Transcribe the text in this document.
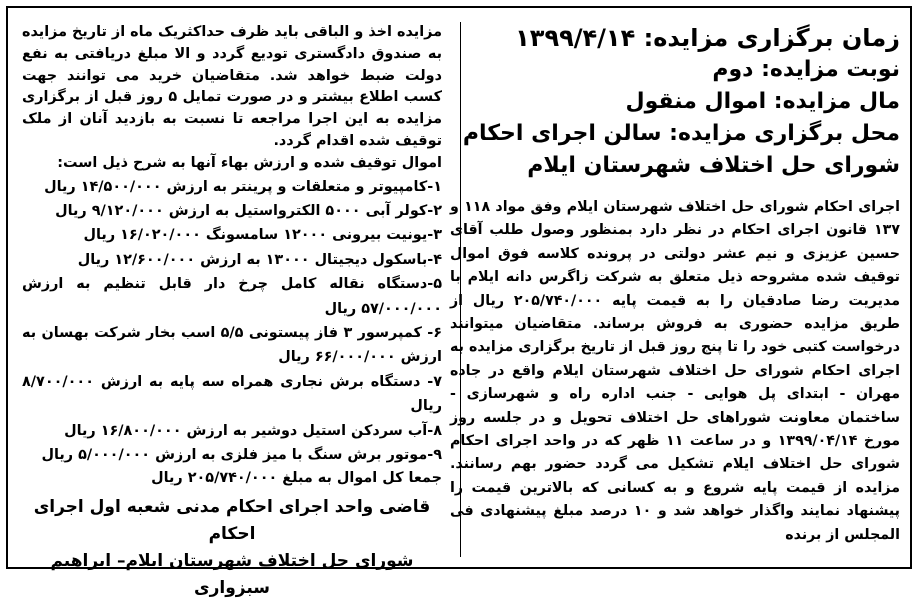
زمان برگزاری مزایده: ۱۳۹۹/۴/۱۴

نوبت مزایده: دوم

مال مزایده: اموال منقول

محل برگزاری مزایده: سالن اجرای احکام

شورای حل اختلاف شهرستان ایلام

اجرای احکام شورای حل اختلاف شهرستان ایلام وفق مواد ۱۱۸ و ۱۳۷ قانون اجرای احکام در نظر دارد بمنظور وصول طلب آقای حسین عزیزی و نیم عشر دولتی در پرونده کلاسه فوق اموال توقیف شده مشروحه ذیل متعلق به شرکت زاگرس دانه ایلام با مدیریت رضا صادقیان را به قیمت پایه ۲۰۵/۷۴۰/۰۰۰ ریال از طریق مزایده حضوری به فروش برساند. متقاضیان میتوانند درخواست کتبی خود را تا پنج روز قبل از تاریخ برگزاری مزایده به اجرای احکام شورای حل اختلاف شهرستان ایلام واقع در جاده مهران - ابتدای پل هوایی - جنب اداره راه و شهرسازی - ساختمان معاونت شوراهای حل اختلاف تحویل و در جلسه روز مورخ ۱۳۹۹/۰۴/۱۴ و در ساعت ۱۱ ظهر که در واحد اجرای احکام شورای حل اختلاف ایلام تشکیل می گردد حضور بهم رسانند. مزایده از قیمت پایه شروع و به کسانی که بالاترین قیمت را پیشنهاد نمایند واگذار خواهد شد و ۱۰ درصد مبلغ پیشنهادی فی المجلس از برنده

مزایده اخذ و الباقی باید ظرف حداکثریک ماه از تاریخ مزایده به صندوق دادگستری تودیع گردد و الا مبلغ دریافتی به نفع دولت ضبط خواهد شد. متقاضیان خرید می توانند جهت کسب اطلاع بیشتر و در صورت تمایل ۵ روز قبل از برگزاری مزایده به این اجرا مراجعه تا نسبت به بازدید آنان از ملک توقیف شده اقدام گردد.

اموال توقیف شده و ارزش بهاء آنها به شرح ذیل است:

۱-کامپیوتر و متعلقات و پرینتر به ارزش ۱۴/۵۰۰/۰۰۰ ریال
۲-کولر آبی ۵۰۰۰ الکترواستیل به ارزش ۹/۱۲۰/۰۰۰ ریال
۳-یونیت بیرونی ۱۲۰۰۰ سامسونگ ۱۶/۰۲۰/۰۰۰ ریال
۴-باسکول دیجیتال ۱۳۰۰۰ به ارزش ۱۲/۶۰۰/۰۰۰ ریال
۵-دستگاه نقاله کامل چرخ دار قابل تنظیم به ارزش ۵۷/۰۰۰/۰۰۰ ریال
۶- کمپرسور ۳ فاز پیستونی ۵/۵ اسب بخار شرکت بهسان به ارزش ۶۶/۰۰۰/۰۰۰ ریال
۷- دستگاه برش نجاری همراه سه پایه به ارزش ۸/۷۰۰/۰۰۰ ریال
۸-آب سردکن استیل دوشیر به ارزش ۱۶/۸۰۰/۰۰۰ ریال
۹-موتور برش سنگ با میز فلزی به ارزش ۵/۰۰۰/۰۰۰ ریال

جمعا کل اموال به مبلغ ۲۰۵/۷۴۰/۰۰۰ ریال

قاضی واحد اجرای احکام مدنی شعبه اول اجرای احکام

شورای حل اختلاف شهرستان ایلام– ابراهیم سبزواری
